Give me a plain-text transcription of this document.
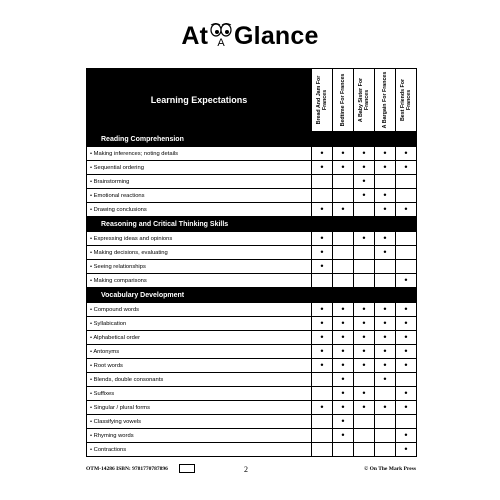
At A Glance
Learning Expectations	Bread And Jam For Frances	Bedtime For Frances	A Baby Sister For Frances	A Bargain For Frances	Best Friends For Frances

Reading Comprehension					
• Making inferences; noting details	•	•	•	•	•
• Sequential ordering	•	•	•	•	•
• Brainstorming			•		
• Emotional reactions			•	•	
• Drawing conclusions	•	•		•	•
Reasoning and Critical Thinking Skills					
• Expressing ideas and opinions	•		•	•	
• Making decisions, evaluating	•			•	
• Seeing relationships	•				
• Making comparisons					•
Vocabulary Development					
• Compound words	•	•	•	•	•
• Syllabication	•	•	•	•	•
• Alphabetical order	•	•	•	•	•
• Antonyms	•	•	•	•	•
• Root words	•	•	•	•	•
• Blends, double consonants		•		•	
• Suffixes		•	•		•
• Singular / plural forms	•	•	•	•	•
• Classifying vowels		•			
• Rhyming words		•			•
• Contractions					•
OTM-14286 ISBN: 9781770787896	2	© On The Mark Press
